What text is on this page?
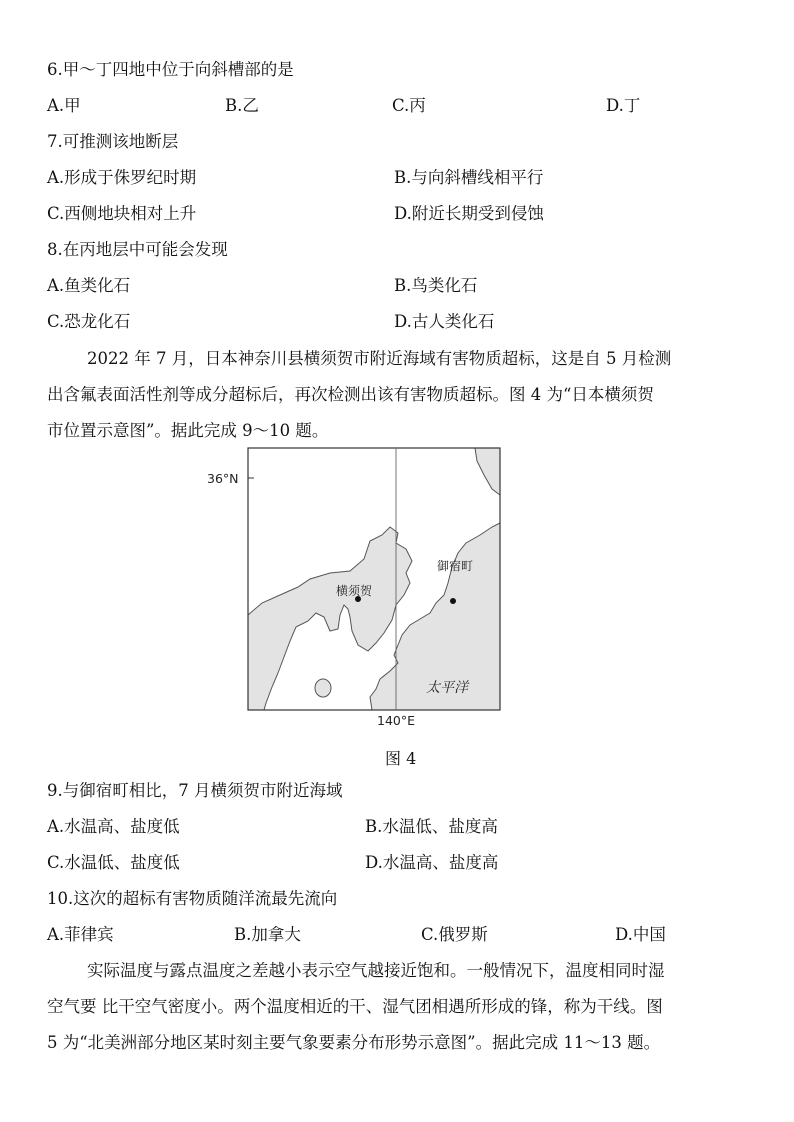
6.甲～丁四地中位于向斜槽部的是
A.甲	B.乙	C.丙	D.丁
7.可推测该地断层
A.形成于侏罗纪时期	B.与向斜槽线相平行
C.西侧地块相对上升	D.附近长期受到侵蚀
8.在丙地层中可能会发现
A.鱼类化石	B.鸟类化石
C.恐龙化石	D.古人类化石
2022 年 7 月，日本神奈川县横须贺市附近海域有害物质超标，这是自 5 月检测
出含氟表面活性剂等成分超标后，再次检测出该有害物质超标。图 4 为“日本横须贺
市位置示意图”。据此完成 9～10 题。
36°N
140°E
横须贺
御宿町
太平洋
图 4
9.与御宿町相比，7 月横须贺市附近海域
A.水温高、盐度低	B.水温低、盐度高
C.水温低、盐度低	D.水温高、盐度高
10.这次的超标有害物质随洋流最先流向
A.菲律宾	B.加拿大	C.俄罗斯	D.中国
实际温度与露点温度之差越小表示空气越接近饱和。一般情况下，温度相同时湿
空气要 比干空气密度小。两个温度相近的干、湿气团相遇所形成的锋，称为干线。图
5 为“北美洲部分地区某时刻主要气象要素分布形势示意图”。据此完成 11～13 题。
